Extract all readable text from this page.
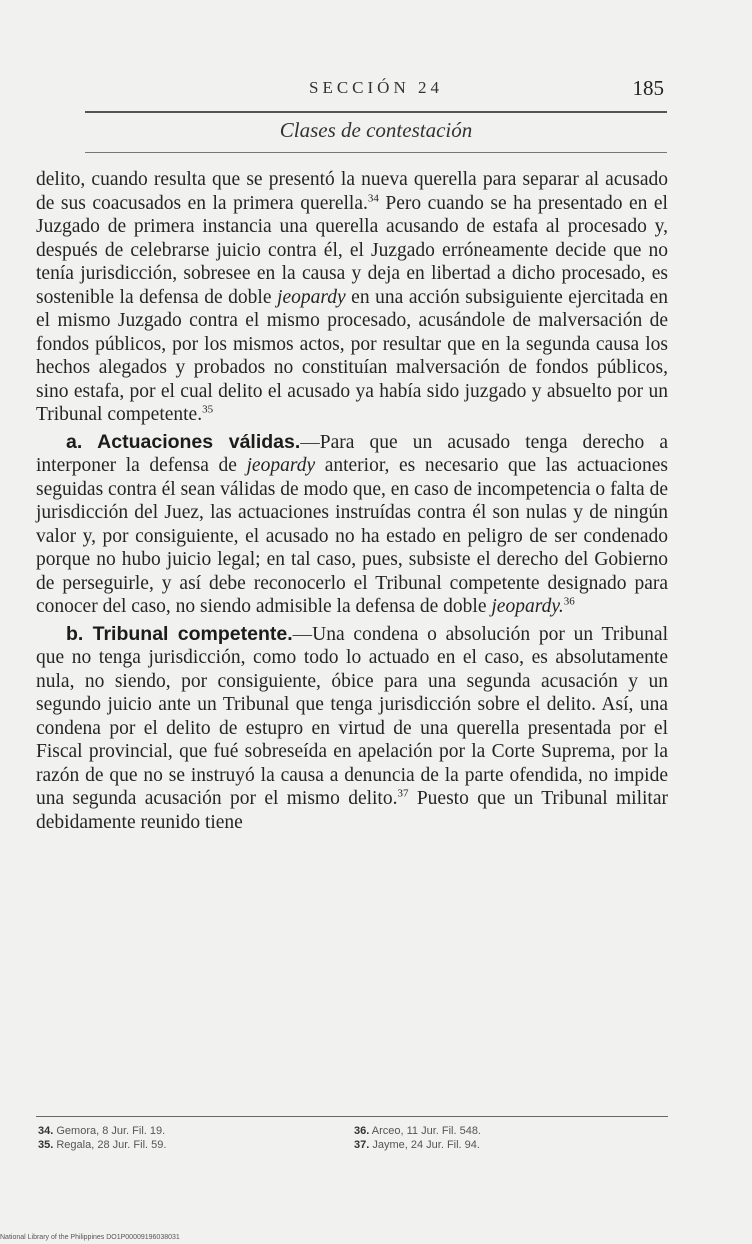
SECCIÓN 24	185
Clases de contestación

delito, cuando resulta que se presentó la nueva querella para separar al acusado de sus coacusados en la primera querella.$^{34}$ Pero cuando se ha presentado en el Juzgado de primera instancia una querella acusando de estafa al procesado y, después de celebrarse juicio contra él, el Juzgado erróneamente decide que no tenía jurisdicción, sobresee en la causa y deja en libertad a dicho procesado, es sostenible la defensa de doble jeopardy en una acción subsiguiente ejercitada en el mismo Juzgado contra el mismo procesado, acusándole de malversación de fondos públicos, por los mismos actos, por resultar que en la segunda causa los hechos alegados y probados no constituían malversación de fondos públicos, sino estafa, por el cual delito el acusado ya había sido juzgado y absuelto por un Tribunal competente.$^{35}$

a. Actuaciones válidas.—Para que un acusado tenga derecho a interponer la defensa de jeopardy anterior, es necesario que las actuaciones seguidas contra él sean válidas de modo que, en caso de incompetencia o falta de jurisdicción del Juez, las actuaciones instruídas contra él son nulas y de ningún valor y, por consiguiente, el acusado no ha estado en peligro de ser condenado porque no hubo juicio legal; en tal caso, pues, subsiste el derecho del Gobierno de perseguirle, y así debe reconocerlo el Tribunal competente designado para conocer del caso, no siendo admisible la defensa de doble jeopardy.$^{36}$

b. Tribunal competente.—Una condena o absolución por un Tribunal que no tenga jurisdicción, como todo lo actuado en el caso, es absolutamente nula, no siendo, por consiguiente, óbice para una segunda acusación y un segundo juicio ante un Tribunal que tenga jurisdicción sobre el delito. Así, una condena por el delito de estupro en virtud de una querella presentada por el Fiscal provincial, que fué sobreseída en apelación por la Corte Suprema, por la razón de que no se instruyó la causa a denuncia de la parte ofendida, no impide una segunda acusación por el mismo delito.$^{37}$ Puesto que un Tribunal militar debidamente reunido tiene

34. Gemora, 8 Jur. Fil. 19.
35. Regala, 28 Jur. Fil. 59.
36. Arceo, 11 Jur. Fil. 548.
37. Jayme, 24 Jur. Fil. 94.
National Library of the Philippines DO1P00009196038031
